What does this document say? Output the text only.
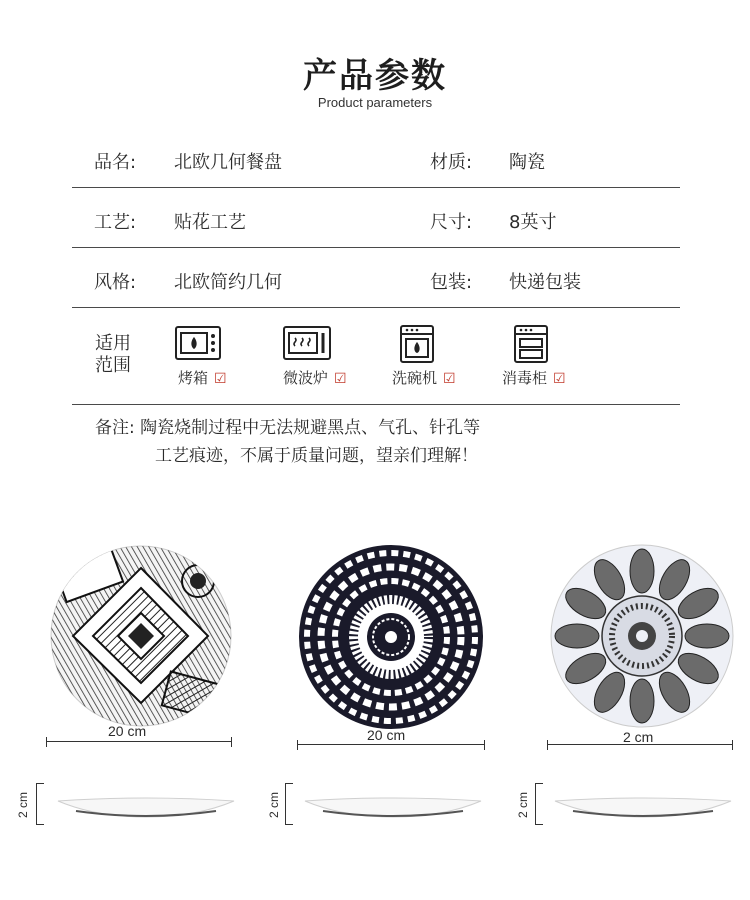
产品参数
Product parameters
品名: 北欧几何餐盘	材质: 陶瓷
工艺: 贴花工艺	尺寸: 8英寸
风格: 北欧简约几何	包装: 快递包装
适用
范围
烤箱 ☑	微波炉 ☑	洗碗机 ☑	消毒柜 ☑
备注: 陶瓷烧制过程中无法规避黑点、气孔、针孔等
工艺痕迹，不属于质量问题，望亲们理解！
20 cm	20 cm	2 cm
2 cm	2 cm	2 cm
